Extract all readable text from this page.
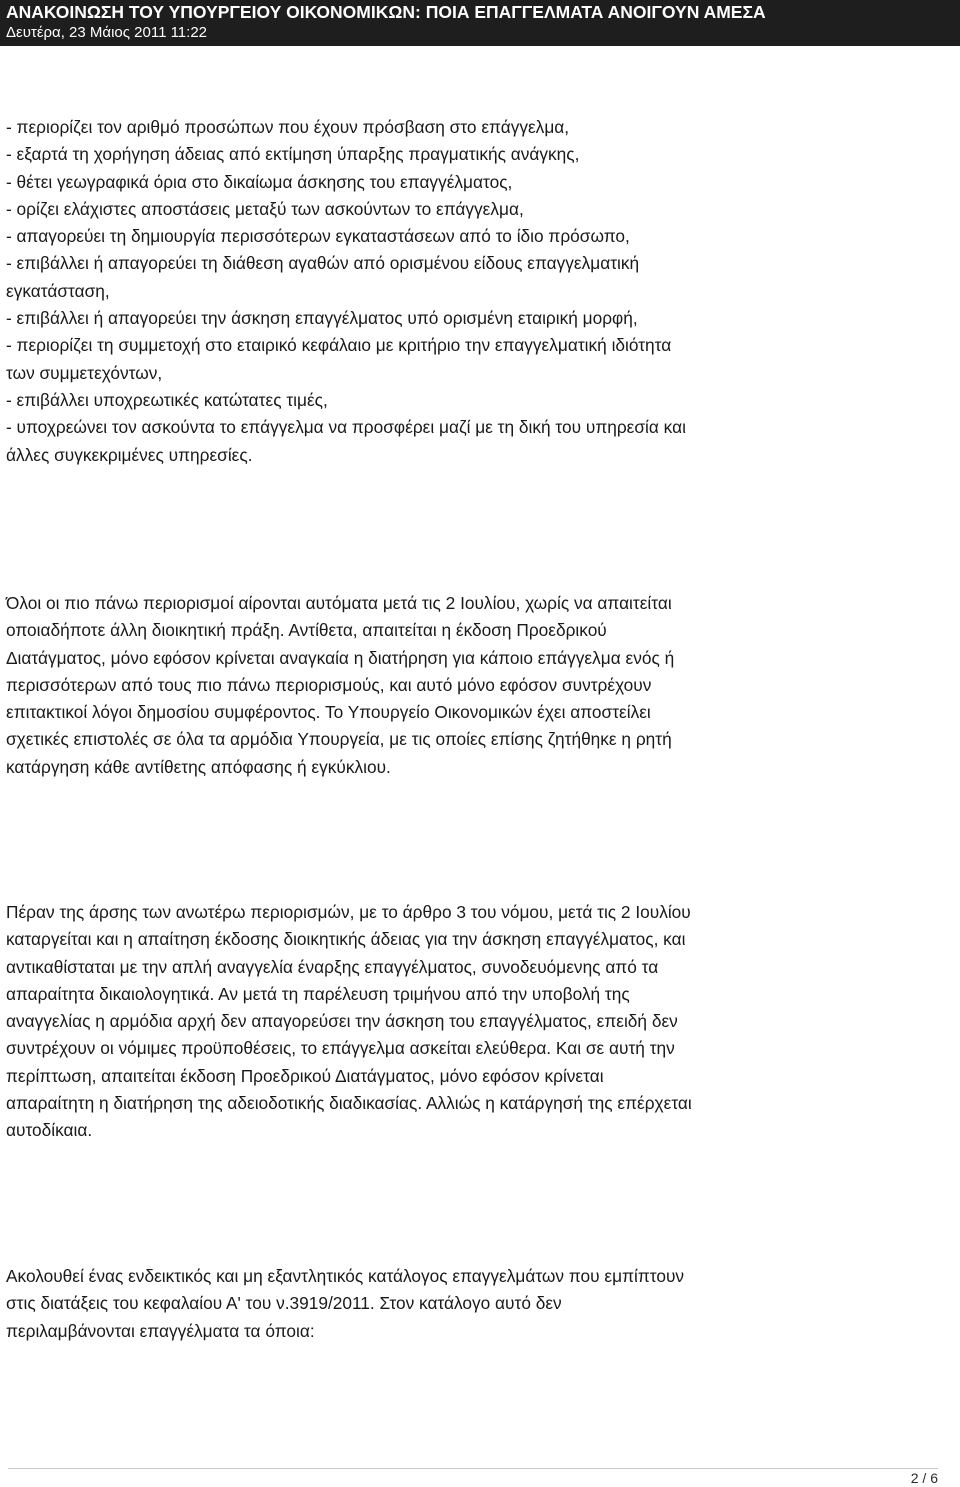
ΑΝΑΚΟΙΝΩΣΗ ΤΟΥ ΥΠΟΥΡΓΕΙΟΥ ΟΙΚΟΝΟΜΙΚΩΝ: ΠΟΙΑ ΕΠΑΓΓΕΛΜΑΤΑ ΑΝΟΙΓΟΥΝ ΑΜΕΣΑ
Δευτέρα, 23 Μάιος 2011 11:22
- περιορίζει τον αριθμό προσώπων που έχουν πρόσβαση στο επάγγελμα,
- εξαρτά τη χορήγηση άδειας από εκτίμηση ύπαρξης πραγματικής ανάγκης,
- θέτει γεωγραφικά όρια στο δικαίωμα άσκησης του επαγγέλματος,
- ορίζει ελάχιστες αποστάσεις μεταξύ των ασκούντων το επάγγελμα,
- απαγορεύει τη δημιουργία περισσότερων εγκαταστάσεων από το ίδιο πρόσωπο,
- επιβάλλει ή απαγορεύει τη διάθεση αγαθών από ορισμένου είδους επαγγελματική
εγκατάσταση,
- επιβάλλει ή απαγορεύει την άσκηση επαγγέλματος υπό ορισμένη εταιρική μορφή,
- περιορίζει τη συμμετοχή στο εταιρικό κεφάλαιο με κριτήριο την επαγγελματική ιδιότητα
των συμμετεχόντων,
- επιβάλλει υποχρεωτικές κατώτατες τιμές,
- υποχρεώνει τον ασκούντα το επάγγελμα να προσφέρει μαζί με τη δική του υπηρεσία και
άλλες συγκεκριμένες υπηρεσίες.
Όλοι οι πιο πάνω περιορισμοί αίρονται αυτόματα μετά τις 2 Ιουλίου, χωρίς να απαιτείται
οποιαδήποτε άλλη διοικητική πράξη. Αντίθετα, απαιτείται η έκδοση Προεδρικού
Διατάγματος, μόνο εφόσον κρίνεται αναγκαία η διατήρηση για κάποιο επάγγελμα ενός ή
περισσότερων από τους πιο πάνω περιορισμούς, και αυτό μόνο εφόσον συντρέχουν
επιτακτικοί λόγοι δημοσίου συμφέροντος. Το Υπουργείο Οικονομικών έχει αποστείλει
σχετικές επιστολές σε όλα τα αρμόδια Υπουργεία, με τις οποίες επίσης ζητήθηκε η ρητή
κατάργηση κάθε αντίθετης απόφασης ή εγκύκλιου.
Πέραν της άρσης των ανωτέρω περιορισμών, με το άρθρο 3 του νόμου, μετά τις 2 Ιουλίου
καταργείται και η απαίτηση έκδοσης διοικητικής άδειας για την άσκηση επαγγέλματος, και
αντικαθίσταται με την απλή αναγγελία έναρξης επαγγέλματος, συνοδευόμενης από τα
απαραίτητα δικαιολογητικά. Αν μετά τη παρέλευση τριμήνου από την υποβολή της
αναγγελίας η αρμόδια αρχή δεν απαγορεύσει την άσκηση του επαγγέλματος, επειδή δεν
συντρέχουν οι νόμιμες προϋποθέσεις, το επάγγελμα ασκείται ελεύθερα. Και σε αυτή την
περίπτωση, απαιτείται έκδοση Προεδρικού Διατάγματος, μόνο εφόσον κρίνεται
απαραίτητη η διατήρηση της αδειοδοτικής διαδικασίας. Αλλιώς η κατάργησή της επέρχεται
αυτοδίκαια.
Ακολουθεί ένας ενδεικτικός και μη εξαντλητικός κατάλογος επαγγελμάτων που εμπίπτουν
στις διατάξεις του κεφαλαίου Α' του ν.3919/2011. Στον κατάλογο αυτό δεν
περιλαμβάνονται επαγγέλματα τα όποια:
2 / 6
